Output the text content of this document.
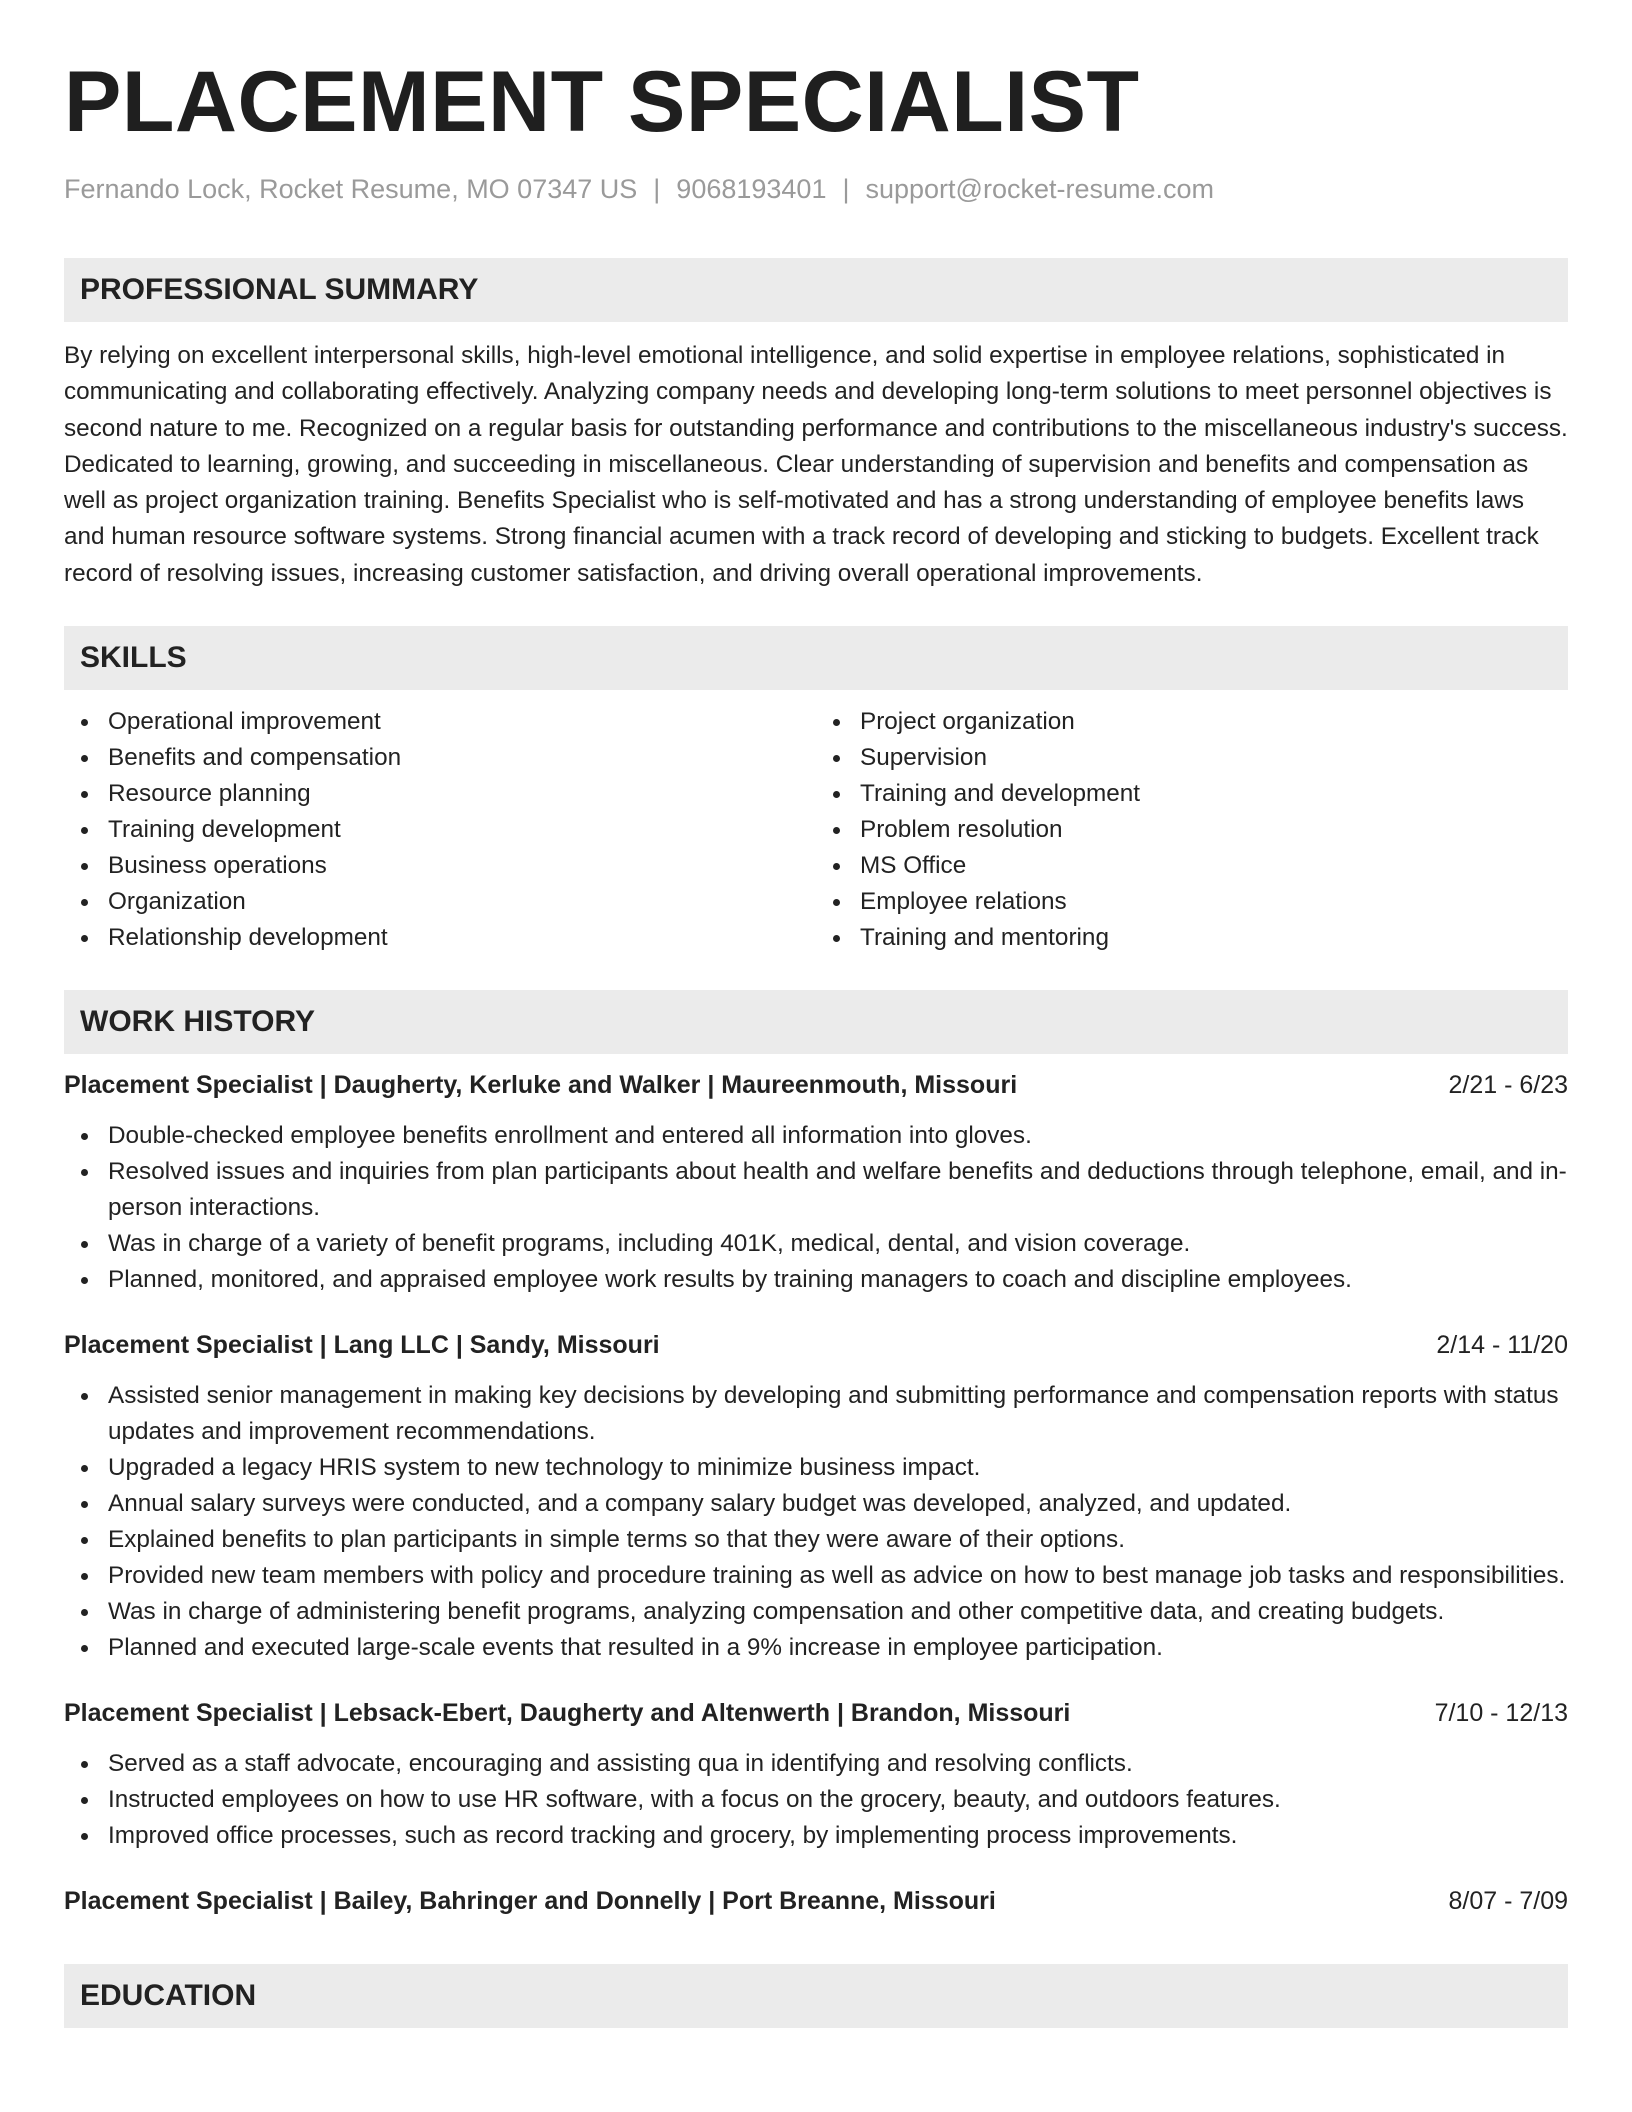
PLACEMENT SPECIALIST
Fernando Lock, Rocket Resume, MO 07347 US | 9068193401 | support@rocket-resume.com
PROFESSIONAL SUMMARY
By relying on excellent interpersonal skills, high-level emotional intelligence, and solid expertise in employee relations, sophisticated in communicating and collaborating effectively. Analyzing company needs and developing long-term solutions to meet personnel objectives is second nature to me. Recognized on a regular basis for outstanding performance and contributions to the miscellaneous industry's success. Dedicated to learning, growing, and succeeding in miscellaneous. Clear understanding of supervision and benefits and compensation as well as project organization training. Benefits Specialist who is self-motivated and has a strong understanding of employee benefits laws and human resource software systems. Strong financial acumen with a track record of developing and sticking to budgets. Excellent track record of resolving issues, increasing customer satisfaction, and driving overall operational improvements.
SKILLS
Operational improvement
Benefits and compensation
Resource planning
Training development
Business operations
Organization
Relationship development
Project organization
Supervision
Training and development
Problem resolution
MS Office
Employee relations
Training and mentoring
WORK HISTORY
Placement Specialist | Daugherty, Kerluke and Walker | Maureenmouth, Missouri	2/21 - 6/23
Double-checked employee benefits enrollment and entered all information into gloves.
Resolved issues and inquiries from plan participants about health and welfare benefits and deductions through telephone, email, and in-person interactions.
Was in charge of a variety of benefit programs, including 401K, medical, dental, and vision coverage.
Planned, monitored, and appraised employee work results by training managers to coach and discipline employees.
Placement Specialist | Lang LLC | Sandy, Missouri	2/14 - 11/20
Assisted senior management in making key decisions by developing and submitting performance and compensation reports with status updates and improvement recommendations.
Upgraded a legacy HRIS system to new technology to minimize business impact.
Annual salary surveys were conducted, and a company salary budget was developed, analyzed, and updated.
Explained benefits to plan participants in simple terms so that they were aware of their options.
Provided new team members with policy and procedure training as well as advice on how to best manage job tasks and responsibilities.
Was in charge of administering benefit programs, analyzing compensation and other competitive data, and creating budgets.
Planned and executed large-scale events that resulted in a 9% increase in employee participation.
Placement Specialist | Lebsack-Ebert, Daugherty and Altenwerth | Brandon, Missouri	7/10 - 12/13
Served as a staff advocate, encouraging and assisting qua in identifying and resolving conflicts.
Instructed employees on how to use HR software, with a focus on the grocery, beauty, and outdoors features.
Improved office processes, such as record tracking and grocery, by implementing process improvements.
Placement Specialist | Bailey, Bahringer and Donnelly | Port Breanne, Missouri	8/07 - 7/09
EDUCATION
